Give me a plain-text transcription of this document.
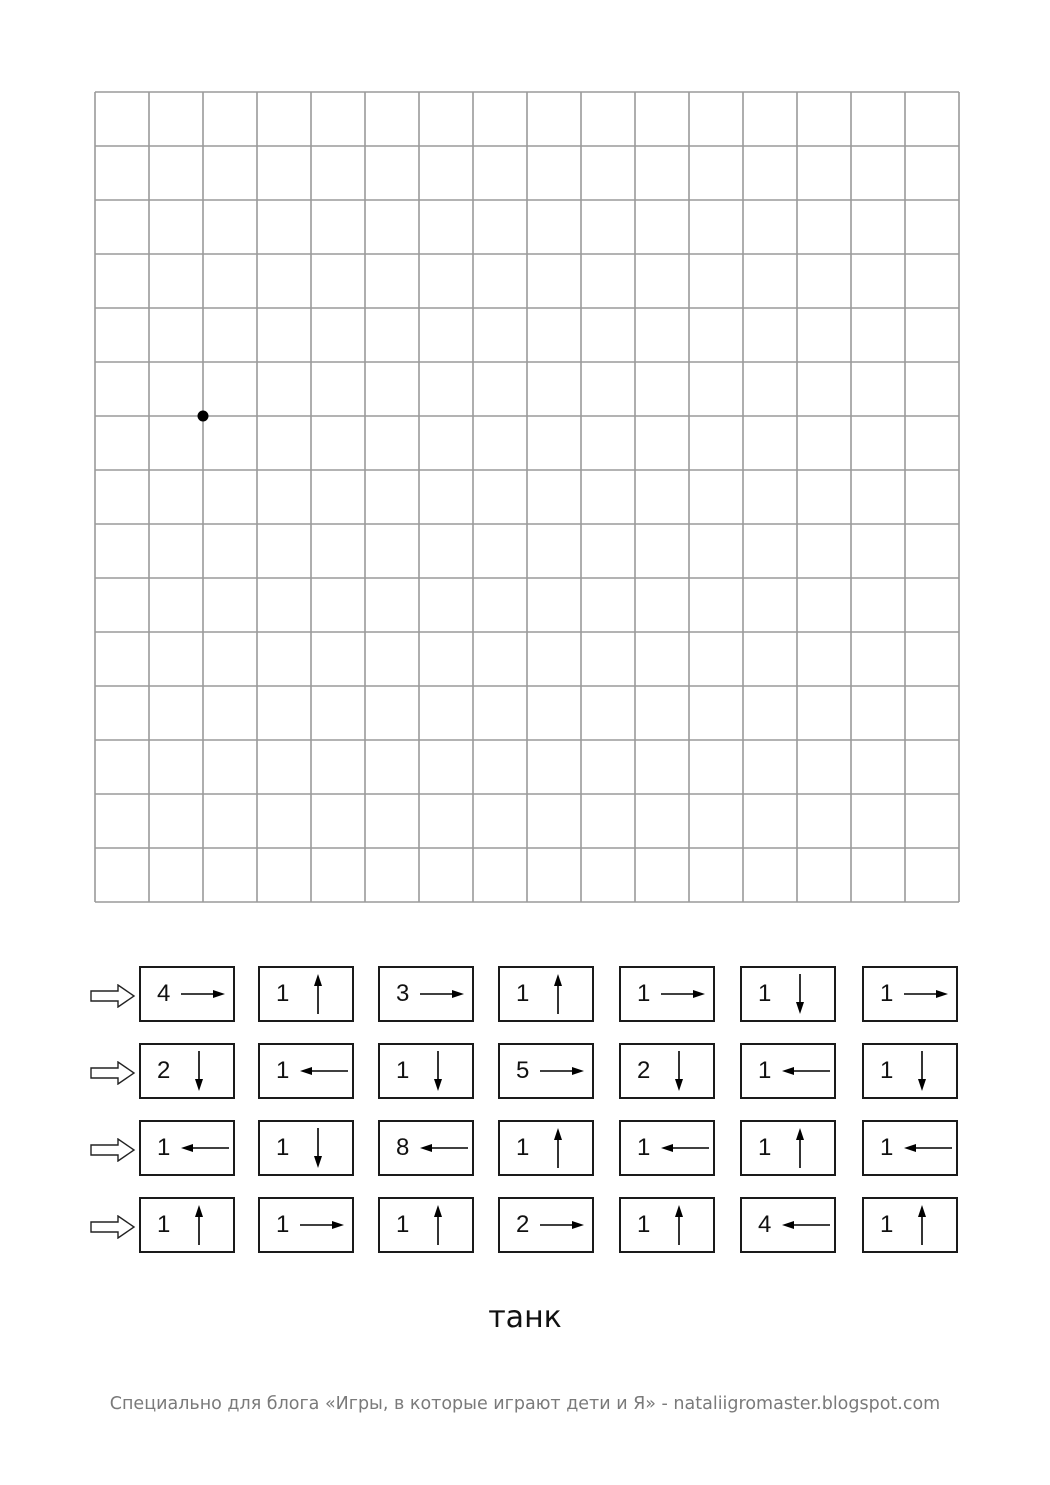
4	1	3	1	1	1	1
2	1	1	5	2	1	1
1	1	8	1	1	1	1
1	1	1	2	1	4	1
танк
Специально для блога «Игры, в которые играют дети и Я» - nataliigromaster.blogspot.com
